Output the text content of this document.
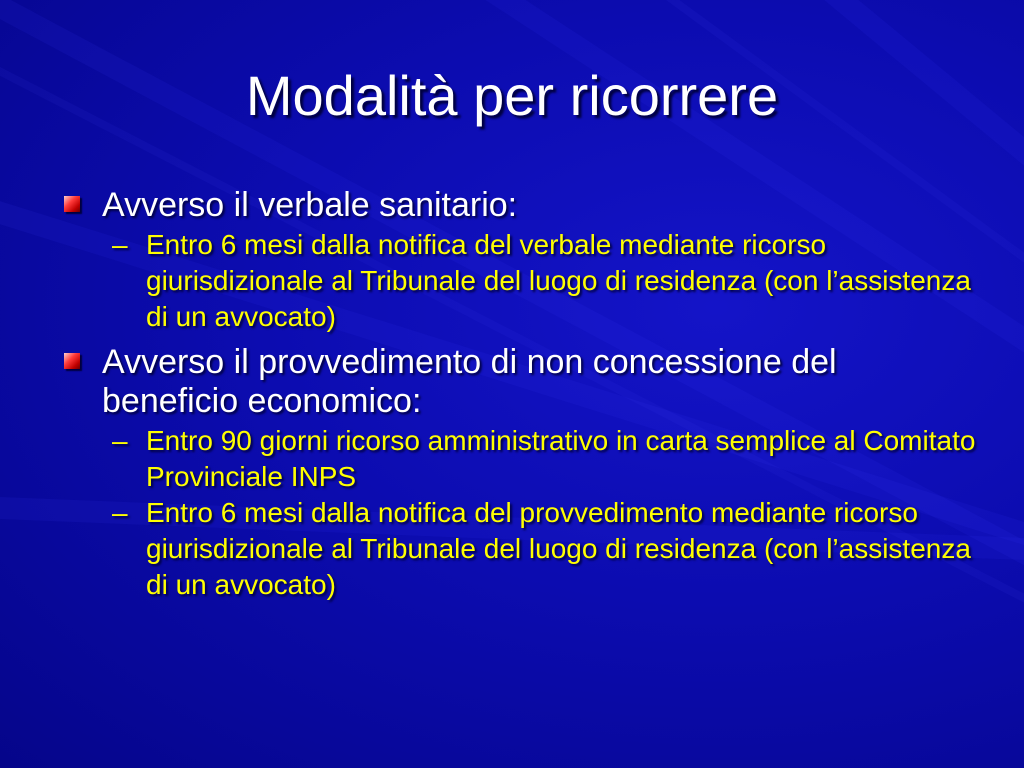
Modalità per ricorrere
Avverso il verbale sanitario:
– Entro 6 mesi dalla notifica del verbale mediante ricorso giurisdizionale al Tribunale del luogo di residenza (con l’assistenza di un avvocato)
Avverso il provvedimento di non concessione del beneficio economico:
– Entro 90 giorni ricorso amministrativo in carta semplice al Comitato Provinciale INPS
– Entro 6 mesi dalla notifica del provvedimento mediante ricorso giurisdizionale al Tribunale del luogo di residenza (con l’assistenza di un avvocato)
